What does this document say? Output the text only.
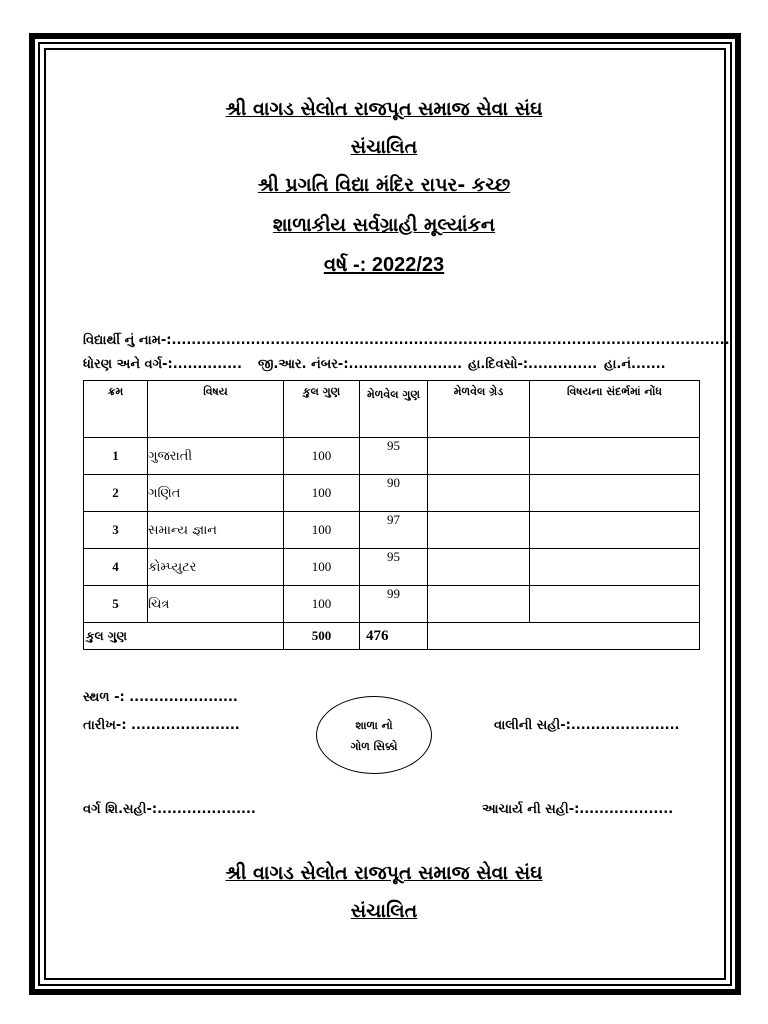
શ્રી વાગડ સેલોત રાજપૂત સમાજ સેવા સંઘ
સંચાલિત
શ્રી પ્રગતિ વિદ્યા મંદિર રાપર- કચ્છ
શાળાકીય સર્વગ્રાહી મૂલ્યાંકન
વર્ષ -: 2022/23
વિદ્યાર્થી નું નામ-:.................................................................................................................
ધોરણ અને વર્ગ-:.............. જી.આર. નંબર-:....................... હા.દિવસો-:.............. હા.નં.......
ક્રમ	વિષય	કુલ ગુણ	મેળવેલ ગુણ	મેળવેલ ગ્રેડ	વિષયના સંદર્ભમાં નોંધ
1	ગુજરાતી	100	95		
2	ગણિત	100	90		
3	સમાન્ય જ્ઞાન	100	97		
4	કોમ્પ્યુટર	100	95		
5	ચિત્ર	100	99		
કુલ ગુણ		500	476		
સ્થળ -: ......................
તારીખ-: ......................	શાળા નો
ગોળ સિક્કો
વાલીની સહી-:......................
વર્ગ શિ.સહી-:....................	આચાર્ય ની સહી-:...................
શ્રી વાગડ સેલોત રાજપૂત સમાજ સેવા સંઘ
સંચાલિત
